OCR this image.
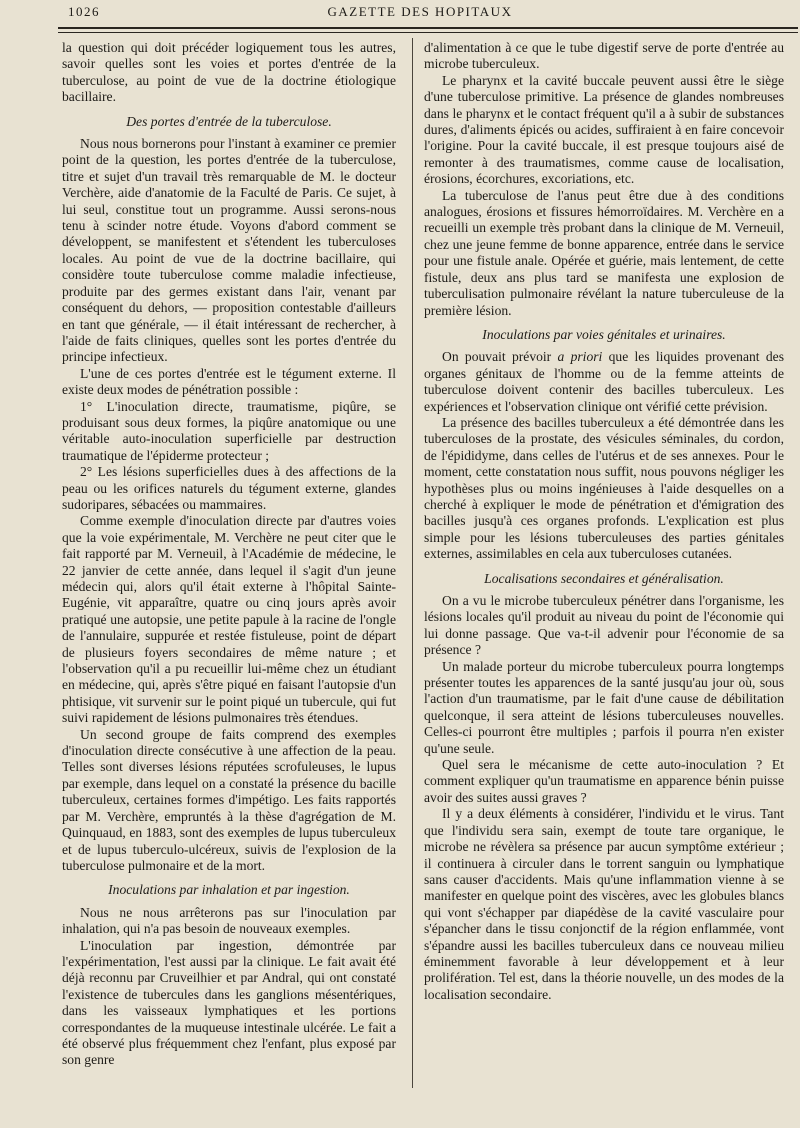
1026	GAZETTE DES HOPITAUX

la question qui doit précéder logiquement tous les autres, savoir quelles sont les voies et portes d'entrée de la tuberculose, au point de vue de la doctrine étiologique bacillaire.

Des portes d'entrée de la tuberculose.

Nous nous bornerons pour l'instant à examiner ce premier point de la question, les portes d'entrée de la tuberculose, titre et sujet d'un travail très remarquable de M. le docteur Verchère, aide d'anatomie de la Faculté de Paris. Ce sujet, à lui seul, constitue tout un programme. Aussi serons-nous tenu à scinder notre étude. Voyons d'abord comment se développent, se manifestent et s'étendent les tuberculoses locales. Au point de vue de la doctrine bacillaire, qui considère toute tuberculose comme maladie infectieuse, produite par des germes existant dans l'air, venant par conséquent du dehors, — proposition contestable d'ailleurs en tant que générale, — il était intéressant de rechercher, à l'aide de faits cliniques, quelles sont les portes d'entrée du principe infectieux.

L'une de ces portes d'entrée est le tégument externe. Il existe deux modes de pénétration possible :

1° L'inoculation directe, traumatisme, piqûre, se produisant sous deux formes, la piqûre anatomique ou une véritable auto-inoculation superficielle par destruction traumatique de l'épiderme protecteur ;

2° Les lésions superficielles dues à des affections de la peau ou les orifices naturels du tégument externe, glandes sudoripares, sébacées ou mammaires.

Comme exemple d'inoculation directe par d'autres voies que la voie expérimentale, M. Verchère ne peut citer que le fait rapporté par M. Verneuil, à l'Académie de médecine, le 22 janvier de cette année, dans lequel il s'agit d'un jeune médecin qui, alors qu'il était externe à l'hôpital Sainte-Eugénie, vit apparaître, quatre ou cinq jours après avoir pratiqué une autopsie, une petite papule à la racine de l'ongle de l'annulaire, suppurée et restée fistuleuse, point de départ de plusieurs foyers secondaires de même nature ; et l'observation qu'il a pu recueillir lui-même chez un étudiant en médecine, qui, après s'être piqué en faisant l'autopsie d'un phtisique, vit survenir sur le point piqué un tubercule, qui fut suivi rapidement de lésions pulmonaires très étendues.

Un second groupe de faits comprend des exemples d'inoculation directe consécutive à une affection de la peau. Telles sont diverses lésions réputées scrofuleuses, le lupus par exemple, dans lequel on a constaté la présence du bacille tuberculeux, certaines formes d'impétigo. Les faits rapportés par M. Verchère, empruntés à la thèse d'agrégation de M. Quinquaud, en 1883, sont des exemples de lupus tuberculeux et de lupus tuberculo-ulcéreux, suivis de l'explosion de la tuberculose pulmonaire et de la mort.

Inoculations par inhalation et par ingestion.

Nous ne nous arrêterons pas sur l'inoculation par inhalation, qui n'a pas besoin de nouveaux exemples.

L'inoculation par ingestion, démontrée par l'expérimentation, l'est aussi par la clinique. Le fait avait été déjà reconnu par Cruveilhier et par Andral, qui ont constaté l'existence de tubercules dans les ganglions mésentériques, dans les vaisseaux lymphatiques et les portions correspondantes de la muqueuse intestinale ulcérée. Le fait a été observé plus fréquemment chez l'enfant, plus exposé par son genre

d'alimentation à ce que le tube digestif serve de porte d'entrée au microbe tuberculeux.

Le pharynx et la cavité buccale peuvent aussi être le siège d'une tuberculose primitive. La présence de glandes nombreuses dans le pharynx et le contact fréquent qu'il a à subir de substances dures, d'aliments épicés ou acides, suffiraient à en faire concevoir l'origine. Pour la cavité buccale, il est presque toujours aisé de remonter à des traumatismes, comme cause de localisation, érosions, écorchures, excoriations, etc.

La tuberculose de l'anus peut être due à des conditions analogues, érosions et fissures hémorroïdaires. M. Verchère en a recueilli un exemple très probant dans la clinique de M. Verneuil, chez une jeune femme de bonne apparence, entrée dans le service pour une fistule anale. Opérée et guérie, mais lentement, de cette fistule, deux ans plus tard se manifesta une explosion de tuberculisation pulmonaire révélant la nature tuberculeuse de la première lésion.

Inoculations par voies génitales et urinaires.

On pouvait prévoir a priori que les liquides provenant des organes génitaux de l'homme ou de la femme atteints de tuberculose doivent contenir des bacilles tuberculeux. Les expériences et l'observation clinique ont vérifié cette prévision.

La présence des bacilles tuberculeux a été démontrée dans les tuberculoses de la prostate, des vésicules séminales, du cordon, de l'épididyme, dans celles de l'utérus et de ses annexes. Pour le moment, cette constatation nous suffit, nous pouvons négliger les hypothèses plus ou moins ingénieuses à l'aide desquelles on a cherché à expliquer le mode de pénétration et d'émigration des bacilles jusqu'à ces organes profonds. L'explication est plus simple pour les lésions tuberculeuses des parties génitales externes, assimilables en cela aux tuberculoses cutanées.

Localisations secondaires et généralisation.

On a vu le microbe tuberculeux pénétrer dans l'organisme, les lésions locales qu'il produit au niveau du point de l'économie qui lui donne passage. Que va-t-il advenir pour l'économie de sa présence ?

Un malade porteur du microbe tuberculeux pourra longtemps présenter toutes les apparences de la santé jusqu'au jour où, sous l'action d'un traumatisme, par le fait d'une cause de débilitation quelconque, il sera atteint de lésions tuberculeuses nouvelles. Celles-ci pourront être multiples ; parfois il pourra n'en exister qu'une seule.

Quel sera le mécanisme de cette auto-inoculation ? Et comment expliquer qu'un traumatisme en apparence bénin puisse avoir des suites aussi graves ?

Il y a deux éléments à considérer, l'individu et le virus. Tant que l'individu sera sain, exempt de toute tare organique, le microbe ne révèlera sa présence par aucun symptôme extérieur ; il continuera à circuler dans le torrent sanguin ou lymphatique sans causer d'accidents. Mais qu'une inflammation vienne à se manifester en quelque point des viscères, avec les globules blancs qui vont s'échapper par diapédèse de la cavité vasculaire pour s'épancher dans le tissu conjonctif de la région enflammée, vont s'épandre aussi les bacilles tuberculeux dans ce nouveau milieu éminemment favorable à leur développement et à leur prolifération. Tel est, dans la théorie nouvelle, un des modes de la localisation secondaire.
